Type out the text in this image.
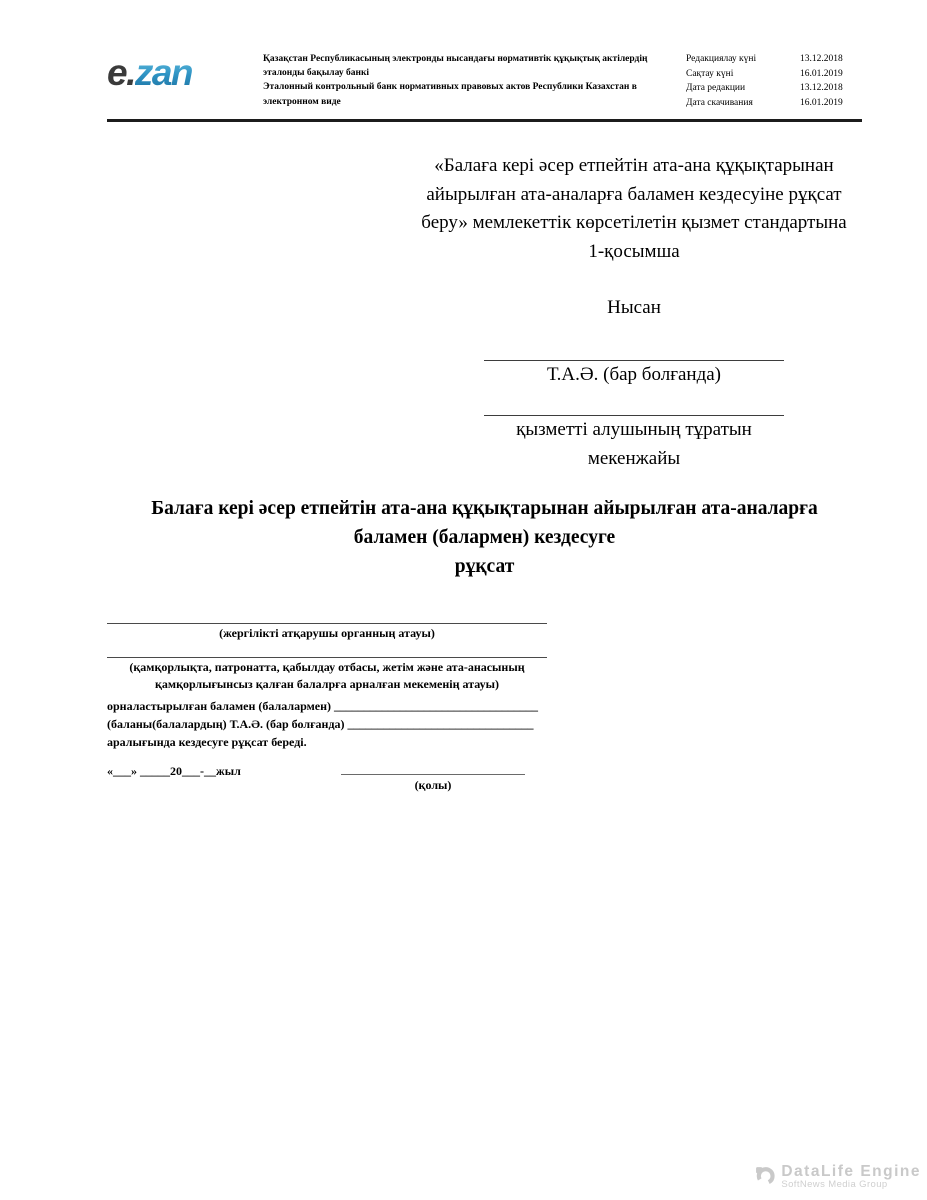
e.zan	Қазақстан Республикасының электронды нысандағы нормативтік құқықтық актілердің эталонды бақылау банкі

Эталонный контрольный банк нормативных правовых актов Республики Казахстан в электронном виде

Редакциялау күні	13.12.2018
Сақтау күні	16.01.2019
Дата редакции	13.12.2018
Дата скачивания	16.01.2019
«Балаға кері әсер етпейтін ата-ана құқықтарынан айырылған ата-аналарға баламен кездесуіне рұқсат беру» мемлекеттік көрсетілетін қызмет стандартына
1-қосымша
Нысан
Т.А.Ә. (бар болғанда)
қызметті алушының тұратын мекенжайы
Балаға кері әсер етпейтін ата-ана құқықтарынан айырылған ата-аналарға
баламен (балармен) кездесуге
рұқсат
(жергілікті атқарушы органның атауы)
(қамқорлықта, патронатта, қабылдау отбасы, жетім және ата-анасының қамқорлығынсыз қалған балалрға арналған мекеменің атауы)

орналастырылған баламен (балалармен) __________________________________

(баланы(балалардың) Т.А.Ә. (бар болғанда) _______________________________

аралығында кездесуге рұқсат береді.

«___» _____20___-__жыл
(қолы)
DataLife Engine
SoftNews Media Group
